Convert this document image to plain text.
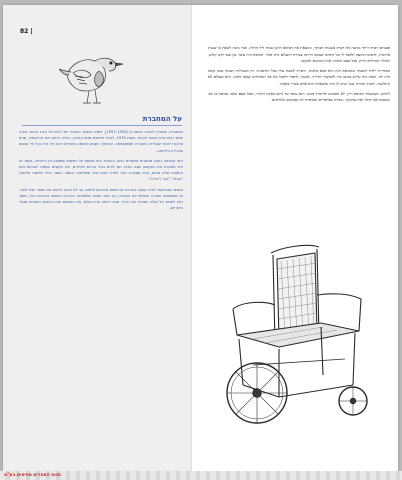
82 |
על המחברת

המחברת, ציפורה ליבובה מרמת גן (1939–1997), למדה במוסד הציבורי של דרום תל אביב והייתה מורה שנים רבות בבית הספר לבנות. בשנת 1975, לאחר חמישים שנות עבודה, החלה לכתוב את זיכרונותיה, שנים ארוכות לאחר שנפרדה מחבריה וממשפחתה, ובמהלך השנים פרסמה סיפורים רבים על חייה ועל חיי אנשים שהכירה בילדותה.

בימי עבודתה כתבה מאמרים וסיפורים רבים, והחיבור הזה מבוסס על רשימות שמצאה בין ניירותיה. בספר זה היא מתארת את התקופה שבה עבדה עם ילדים בעלי צרכים מיוחדים, את הקשיים שעמדו לפניהם ואת התקוות שליוו אותם, והיא מספרת כיצד למדה מהם יותר משלימדה אותם. הספר כולל שלושה חלקים: "בבית", "בגן" ו"בדרך".

בשנים האחרונות לחייה עסקה בעריכת הרשימות ובהכנתן לדפוס, אך לא זכתה לראות את הספר יוצא לאור. בני משפחתה וחבריה השלימו את העבודה, וכך נוצר הספר שלפניכם. העריכה נעשתה בזהירות רבה, מתוך רצון לשמור על קולה המיוחד ועל הדרך שבה ראתה את העולם, את האנשים ואת הרגעים הקטנים שבחיי היום־יום.

פעמים רבות הייתי מגיעה אל הבית בשעות הבוקר, ומוצאת את הכיסא הישן עומד ליד החלון. אמי נהגה לשבת בו שעות ארוכות, להביט החוצה ולספר לי על הימים שבהם הייתה צעירה והעולם היה אחר. הכיסא היה עשוי עץ כבד וקש קלוע, וגלגליו הגדולים חרקו בכל פעם שהזזנו אותו ממקום למקום.

כשהייתי ילדה חשבתי שהכיסא הזה הוא כסא מלכות, ורציתי לשבת עליו בכל הזדמנות. רק כשגדלתי הבנתי כמה קשה היה לה, וכמה כוח נדרש ממנה כדי להמשיך ולחייך, לבשל, לתפור ולקבל את פני האורחים שבאו לבקר. היא מעולם לא התלוננה, ותמיד אמרה שמי שיש לו בית ומשפחה הוא אדם עשיר באמת.

לימים, כשנשאר הכיסא ריק, לא הסכמנו להיפרד ממנו. הוא עומד עד היום בפינת החדר, ובכל פעם שאני מביטה בו אני שומעת את קולה ואת צחוקה, ונזכרת בסיפורים שסיפרה לנו בערבים הארוכים.

חנות הספרים מפיצים בע"מ
